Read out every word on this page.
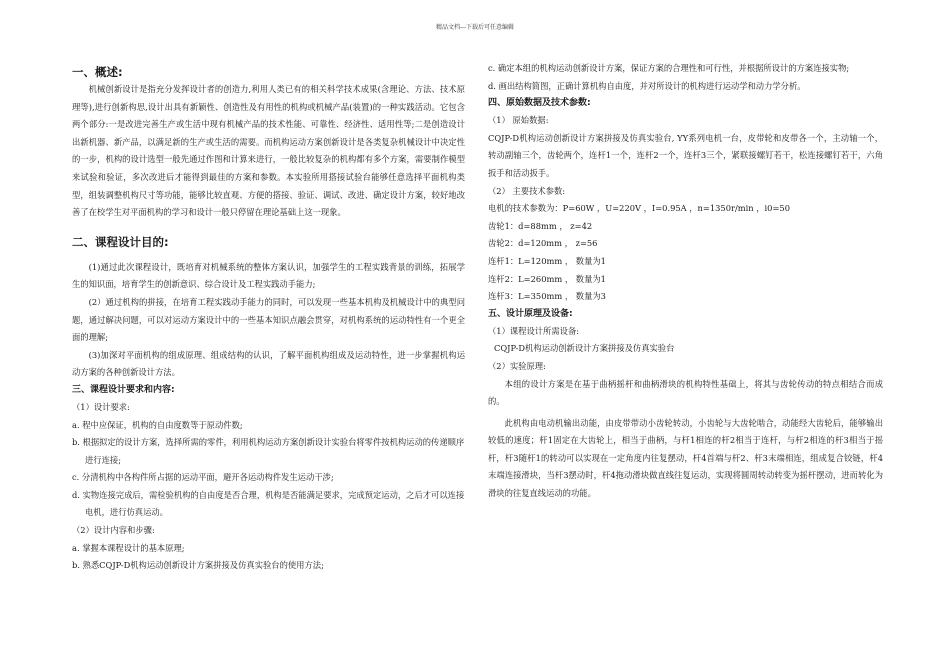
精品文档---下载后可任意编辑
一、概述:

机械创新设计是指充分发挥设计者的创造力,利用人类已有的相关科学技术成果(含理论、方法、技术原理等),进行创新构思,设计出具有新颖性、创造性及有用性的机构或机械产品(装置)的一种实践活动。它包含两个部分:一是改进完善生产或生活中现有机械产品的技术性能、可靠性、经济性、适用性等;二是创造设计出新机器、新产品，以满足新的生产或生活的需要。而机构运动方案创新设计是各类复杂机械设计中决定性的一步，机构的设计选型一般先通过作图和计算来进行，一般比较复杂的机构都有多个方案，需要制作模型来试验和验证，多次改进后才能得到最佳的方案和参数。本实验所用搭接试验台能够任意选择平面机构类型，组装调整机构尺寸等功能，能够比较直观、方便的搭接、验证、调试、改进、确定设计方案，较好地改善了在校学生对平面机构的学习和设计一般只停留在理论基础上这一现象。

二、课程设计目的:

(1)通过此次课程设计，既培育对机械系统的整体方案认识，加强学生的工程实践背景的训练，拓展学生的知识面，培育学生的创新意识、综合设计及工程实践动手能力;

(2）通过机构的拼接，在培育工程实践动手能力的同时，可以发现一些基本机构及机械设计中的典型问题，通过解决问题，可以对运动方案设计中的一些基本知识点融会贯穿，对机构系统的运动特性有一个更全面的理解;

(3)加深对平面机构的组成原理、组成结构的认识，了解平面机构组成及运动特性，进一步掌握机构运动方案的各种创新设计方法。

三、课程设计要求和内容:
（1）设计要求:
a. 程中应保证，机构的自由度数等于原动件数;
b. 根据拟定的设计方案，选择所需的零件，利用机构运动方案创新设计实验台将零件按机构运动的传递顺序进行连接;
c. 分清机构中各构件所占据的运动平面，避开各运动构件发生运动干涉;
d. 实物连接完成后，需检验机构的自由度是否合理，机构是否能满足要求，完成预定运动，之后才可以连接电机，进行仿真运动。
（2）设计内容和步骤:
a. 掌握本课程设计的基本原理;
b. 熟悉CQJP-D机构运动创新设计方案拼接及仿真实验台的使用方法;
c. 确定本组的机构运动创新设计方案，保证方案的合理性和可行性，并根据所设计的方案连接实物;
d. 画出结构简图，正确计算机构自由度，并对所设计的机构进行运动学和动力学分析。
四、原始数据及技术参数:
（1） 原始数据:

CQJP-D机构运动创新设计方案拼接及仿真实验台, YY系列电机一台，皮带轮和皮带各一个，主动轴一个，转动副轴三个，齿轮两个，连杆1一个，连杆2一个，连杆3三个，紧联接螺钉若干，松连接螺钉若干，六角扳手和活动扳手。

（2） 主要技术参数:
电机的技术参数为：P=60W ，U=220V ，I=0.95A ，n=1350r/min ，i0=50
齿轮1：d=88mm ， z=42
齿轮2：d=120mm ， z=56
连杆1：L=120mm ， 数量为1
连杆2：L=260mm ， 数量为1
连杆3：L=350mm ， 数量为3
五、设计原理及设备:
（1）课程设计所需设备:
CQJP-D机构运动创新设计方案拼接及仿真实验台
（2）实验原理:

本组的设计方案是在基于曲柄摇杆和曲柄滑块的机构特性基础上，将其与齿轮传动的特点相结合而成的。

此机构由电动机输出动能，由皮带带动小齿轮转动，小齿轮与大齿轮啮合，动能经大齿轮后，能够输出较低的速度；杆1固定在大齿轮上，相当于曲柄，与杆1相连的杆2相当于连杆，与杆2相连的杆3相当于摇杆，杆3随杆1的转动可以实现在一定角度内往复摆动，杆4首端与杆2、杆3末端相连，组成复合铰链，杆4末端连接滑块，当杆3摆动时，杆4拖动滑块做直线往复运动，实现将圆周转动转变为摇杆摆动，进而转化为滑块的往复直线运动的功能。
